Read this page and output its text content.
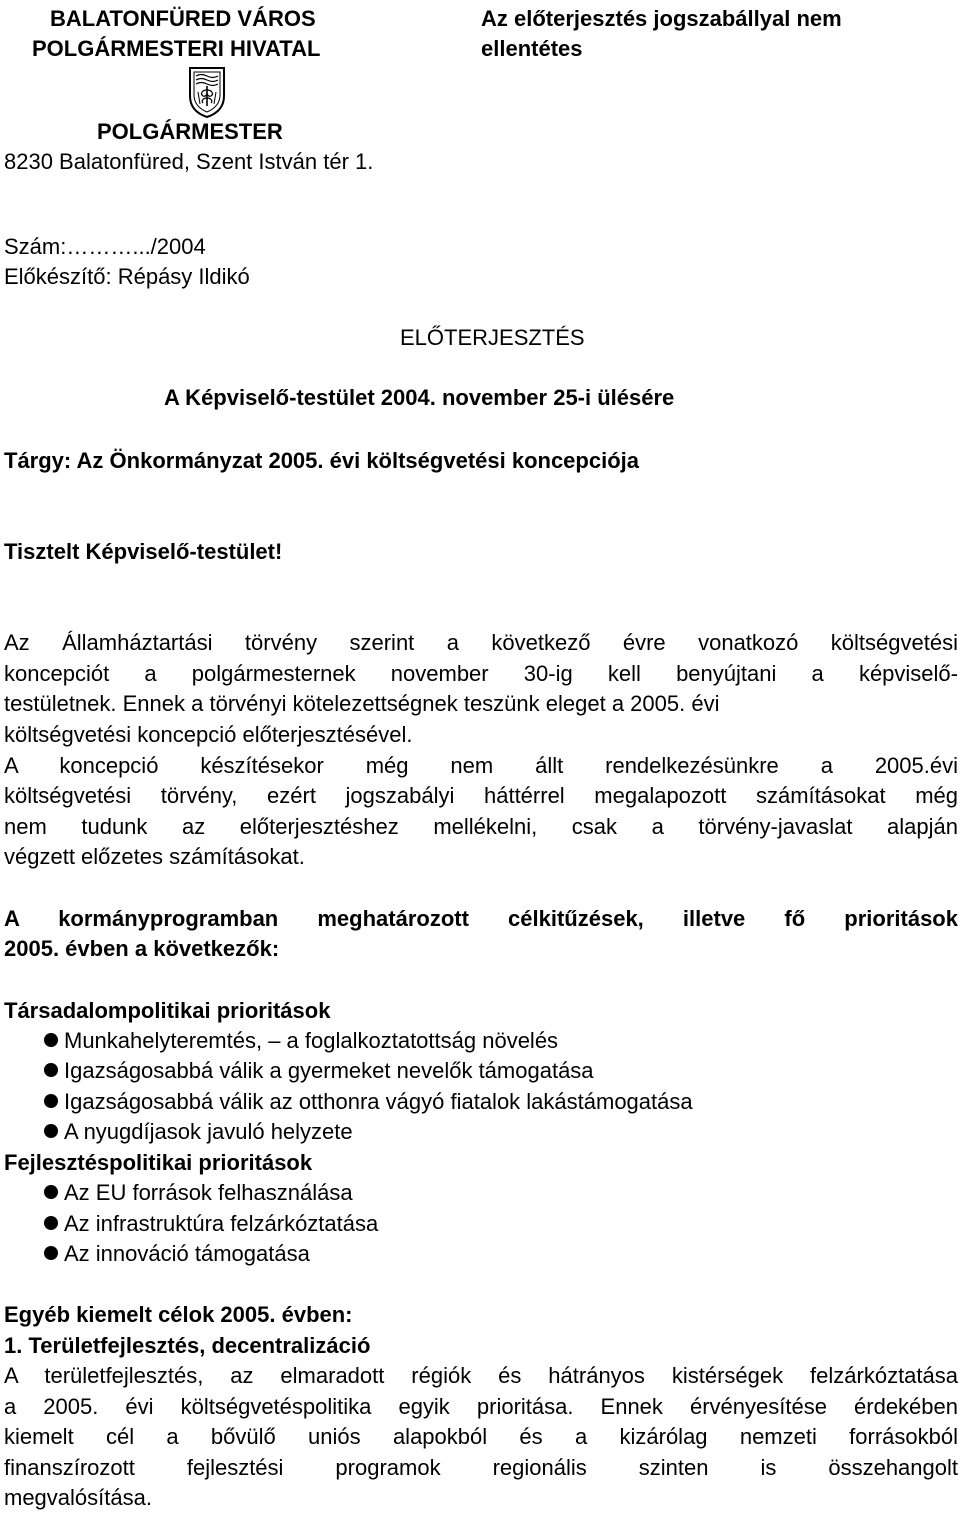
BALATONFÜRED VÁROS

POLGÁRMESTERI HIVATAL

Az előterjesztés jogszabállyal nem

ellentétes

POLGÁRMESTER

8230 Balatonfüred, Szent István tér 1.

Szám:……….../2004

Előkészítő: Répásy Ildikó

ELŐTERJESZTÉS

A Képviselő-testület 2004. november 25-i ülésére

Tárgy: Az Önkormányzat 2005. évi költségvetési koncepciója

Tisztelt Képviselő-testület!

Az Államháztartási törvény szerint a következő évre vonatkozó költségvetési

koncepciót a polgármesternek november 30-ig kell benyújtani a képviselő-

testületnek. Ennek a törvényi kötelezettségnek teszünk eleget a 2005. évi

költségvetési koncepció előterjesztésével.

A koncepció készítésekor még nem állt rendelkezésünkre a 2005.évi

költségvetési törvény, ezért jogszabályi háttérrel megalapozott számításokat még

nem tudunk az előterjesztéshez mellékelni, csak a törvény-javaslat alapján

végzett előzetes számításokat.

A kormányprogramban meghatározott célkitűzések, illetve fő prioritások

2005. évben a következők:

Társadalompolitikai prioritások

Munkahelyteremtés, – a foglalkoztatottság növelés

Igazságosabbá válik a gyermeket nevelők támogatása

Igazságosabbá válik az otthonra vágyó fiatalok lakástámogatása

A nyugdíjasok javuló helyzete

Fejlesztéspolitikai prioritások

Az EU források felhasználása

Az infrastruktúra felzárkóztatása

Az innováció támogatása

Egyéb kiemelt célok 2005. évben:

1. Területfejlesztés, decentralizáció

A területfejlesztés, az elmaradott régiók és hátrányos kistérségek felzárkóztatása

a 2005. évi költségvetéspolitika egyik prioritása. Ennek érvényesítése érdekében

kiemelt cél a bővülő uniós alapokból és a kizárólag nemzeti forrásokból

finanszírozott fejlesztési programok regionális szinten is összehangolt

megvalósítása.
